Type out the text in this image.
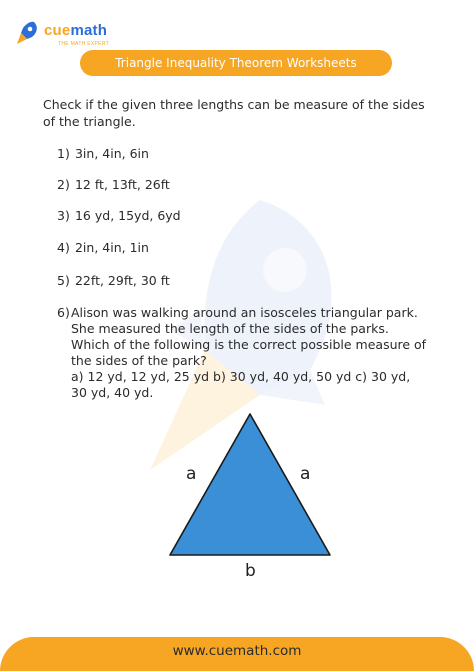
cuemath
THE MATH EXPERT
Triangle Inequality Theorem Worksheets
Check if the given three lengths can be measure of the sides of the triangle.
1) 3in, 4in, 6in
2) 12 ft, 13ft, 26ft
3) 16 yd, 15yd, 6yd
4) 2in, 4in, 1in
5) 22ft, 29ft, 30 ft
6) Alison was walking around an isosceles triangular park. She measured the length of the sides of the parks. Which of the following is the correct possible measure of the sides of the park?
a) 12 yd, 12 yd, 25 yd b) 30 yd, 40 yd, 50 yd c) 30 yd, 30 yd, 40 yd.
a	a
b
www.cuemath.com
